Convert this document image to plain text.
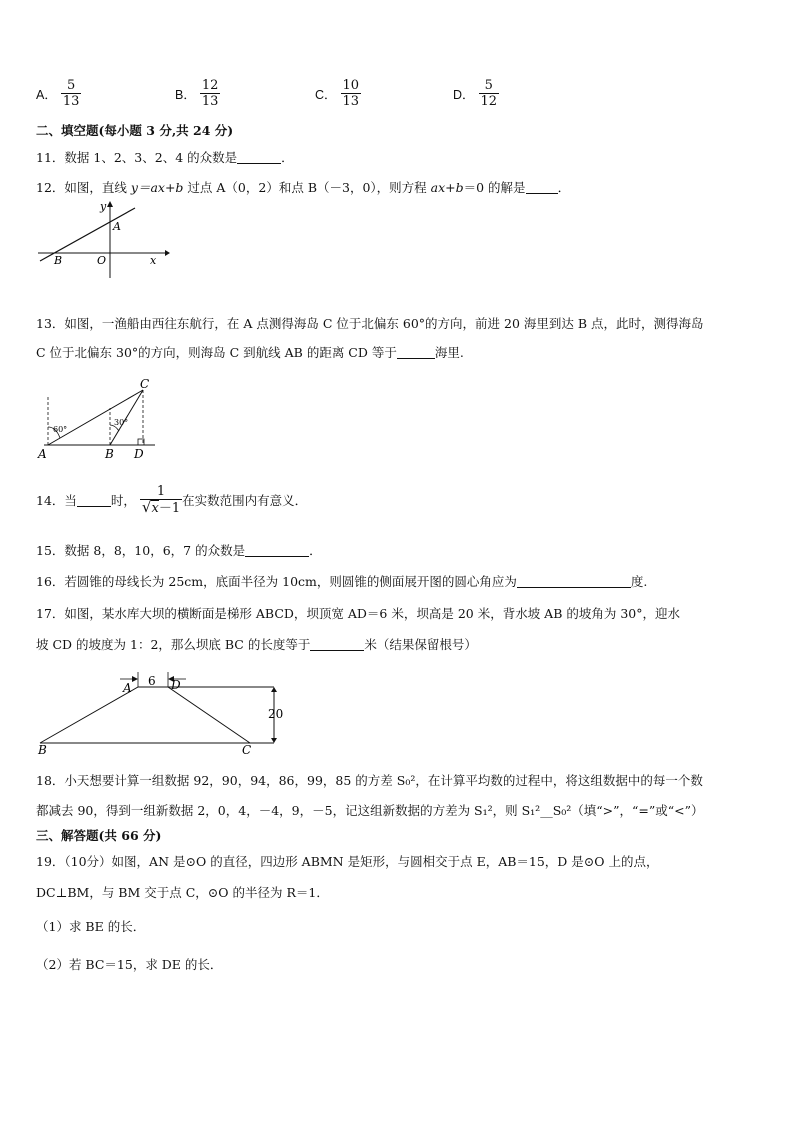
A． $\frac{5}{13}$	B． $\frac{12}{13}$	C． $\frac{10}{13}$	D． $\frac{5}{12}$
二、填空题(每小题 3 分,共 24 分)
11．数据 1、2、3、2、4 的众数是	．
12．如图，直线 y＝ax+b 过点 A（0，2）和点 B（－3，0），则方程 ax+b＝0 的解是	．
y
A
B	O	x
13．如图，一渔船由西往东航行，在 A 点测得海岛 C 位于北偏东 60°的方向，前进 20 海里到达 B 点，此时，测得海岛
C 位于北偏东 30°的方向，则海岛 C 到航线 AB 的距离 CD 等于	海里.
60°
30°
A	B
C
D
14．当	时， $\frac{1}{√x-1}$ 在实数范围内有意义．
15．数据 8，8，10，6，7 的众数是	．
16．若圆锥的母线长为 25cm，底面半径为 10cm，则圆锥的侧面展开图的圆心角应为	度.
17．如图，某水库大坝的横断面是梯形 ABCD，坝顶宽 AD＝6 米，坝高是 20 米，背水坡 AB 的坡角为 30°，迎水
坡 CD 的坡度为 1：2，那么坝底 BC 的长度等于	米（结果保留根号）
6
20
A	D
B	C
18．小天想要计算一组数据 92，90，94，86，99，85 的方差 S₀²，在计算平均数的过程中，将这组数据中的每一个数
都减去 90，得到一组新数据 2，0，4，－4，9，－5，记这组新数据的方差为 S₁²，则 S₁²__S₀²（填“>”，“=”或“<”）
三、解答题(共 66 分)
19．（10分）如图，AN 是⊙O 的直径，四边形 ABMN 是矩形，与圆相交于点 E，AB＝15，D 是⊙O 上的点，
DC⊥BM，与 BM 交于点 C，⊙O 的半径为 R＝1．
（1）求 BE 的长．
（2）若 BC＝15，求 DE 的长．
